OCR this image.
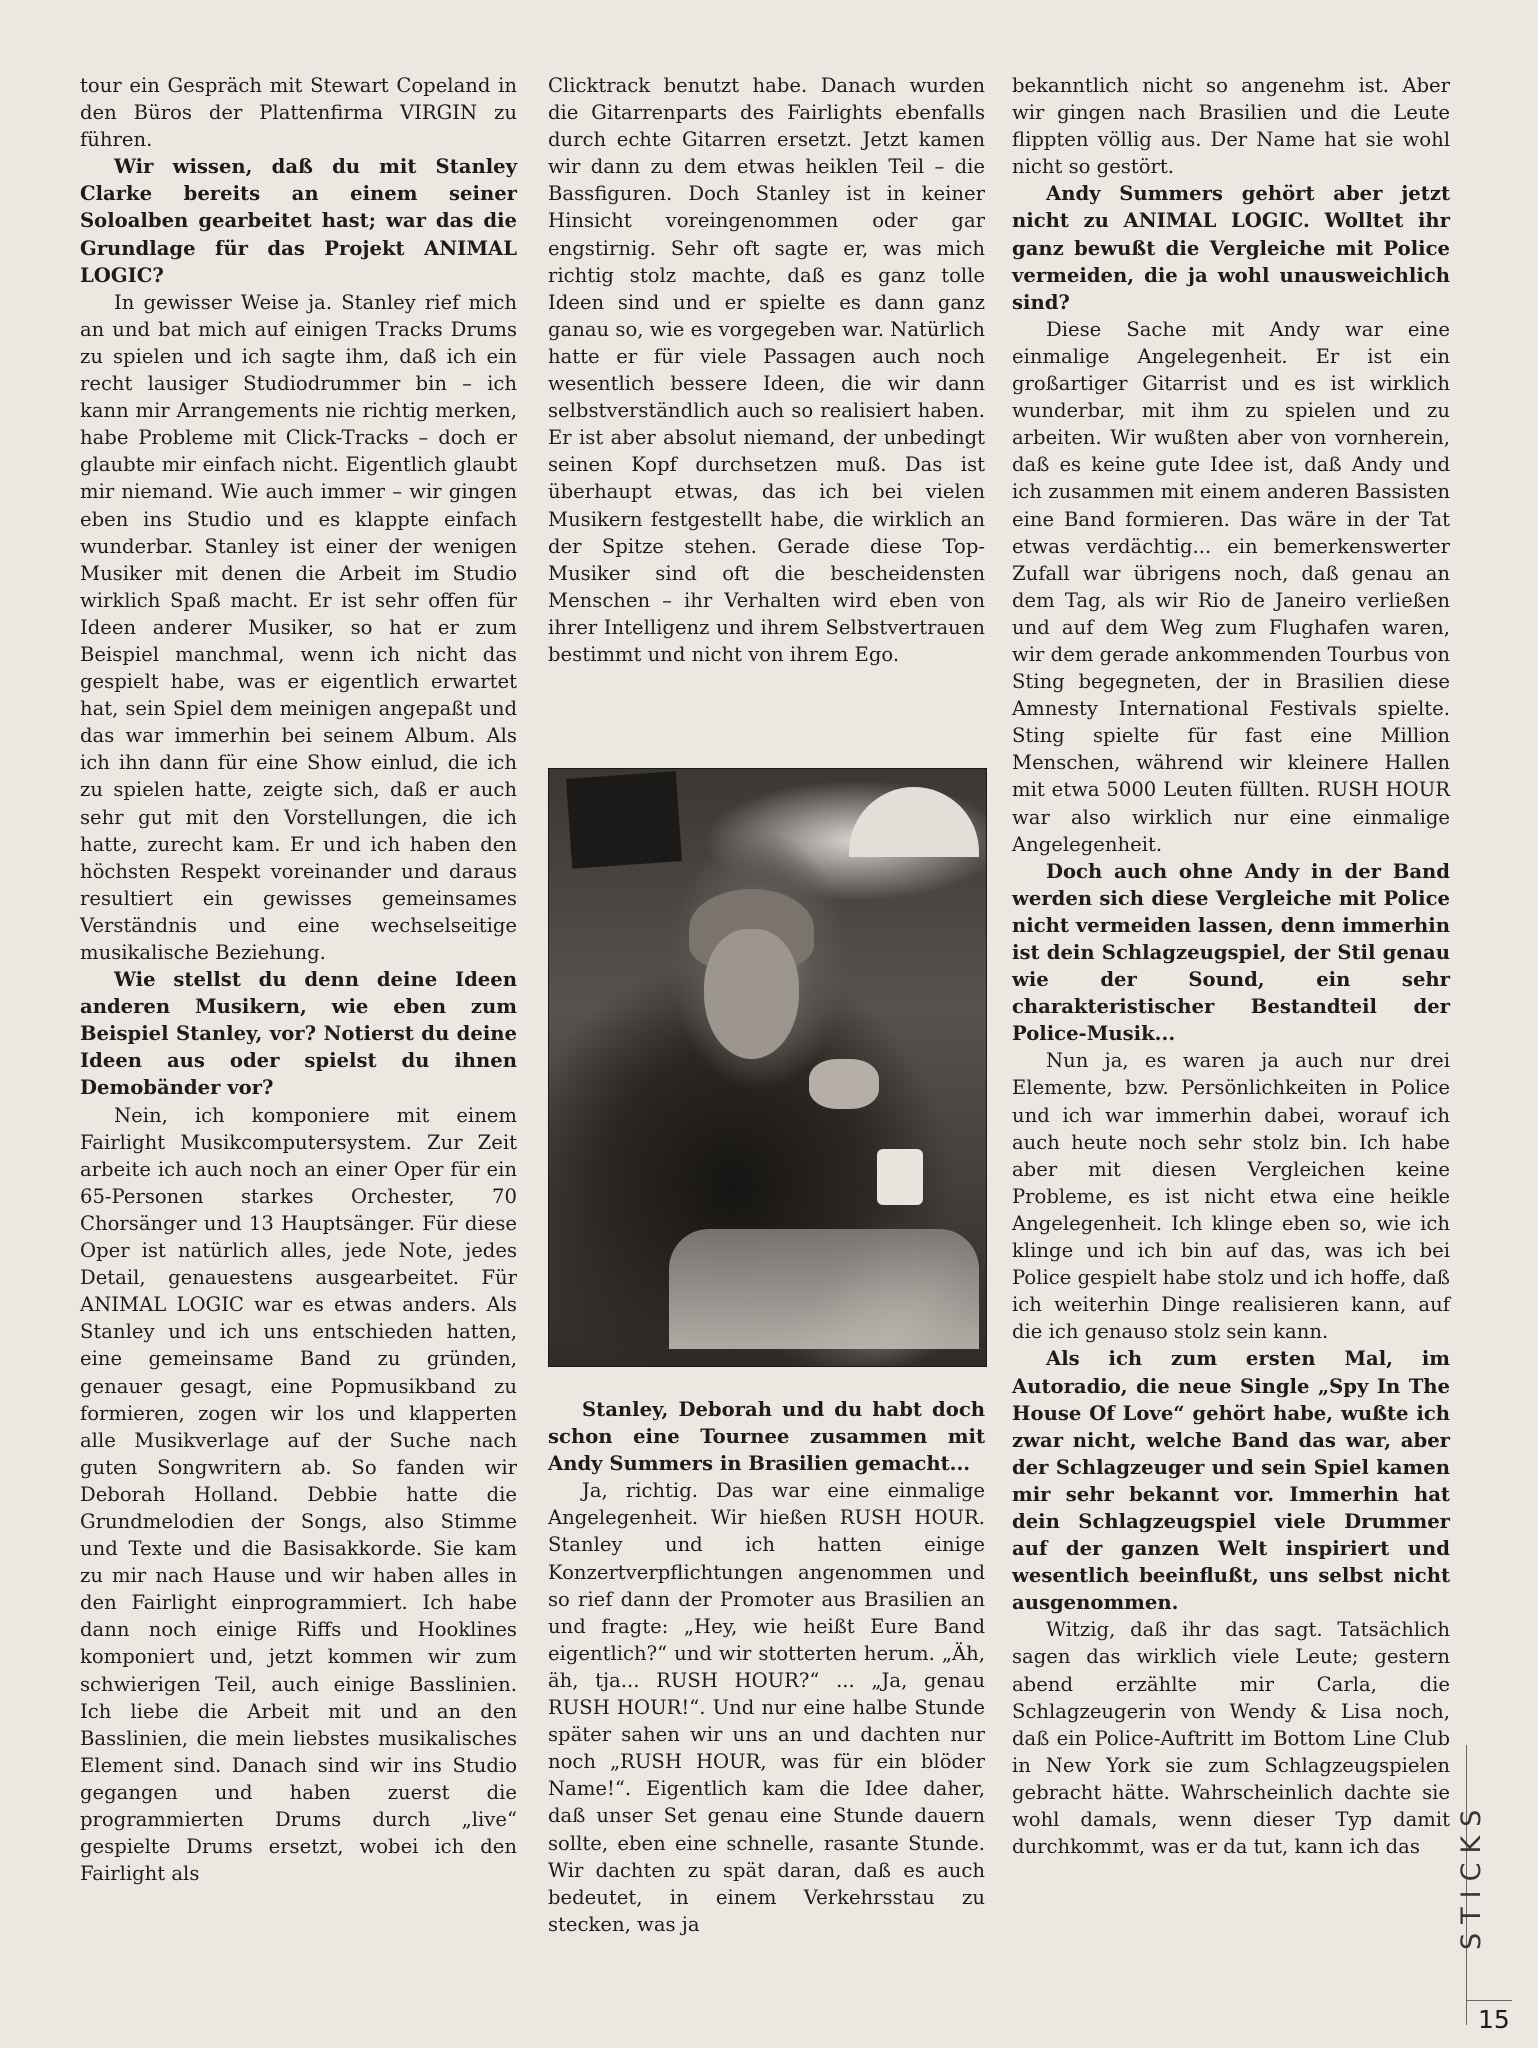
tour ein Gespräch mit Stewart Copeland in den Büros der Plattenfirma VIRGIN zu führen.

Wir wissen, daß du mit Stanley Clarke bereits an einem seiner Soloalben gearbeitet hast; war das die Grundlage für das Projekt ANIMAL LOGIC?

In gewisser Weise ja. Stanley rief mich an und bat mich auf einigen Tracks Drums zu spielen und ich sagte ihm, daß ich ein recht lausiger Studiodrummer bin – ich kann mir Arrangements nie richtig merken, habe Probleme mit Click-Tracks – doch er glaubte mir einfach nicht. Eigentlich glaubt mir niemand. Wie auch immer – wir gingen eben ins Studio und es klappte einfach wunderbar. Stanley ist einer der wenigen Musiker mit denen die Arbeit im Studio wirklich Spaß macht. Er ist sehr offen für Ideen anderer Musiker, so hat er zum Beispiel manchmal, wenn ich nicht das gespielt habe, was er eigentlich erwartet hat, sein Spiel dem meinigen angepaßt und das war immerhin bei seinem Album. Als ich ihn dann für eine Show einlud, die ich zu spielen hatte, zeigte sich, daß er auch sehr gut mit den Vorstellungen, die ich hatte, zurecht kam. Er und ich haben den höchsten Respekt voreinander und daraus resultiert ein gewisses gemeinsames Verständnis und eine wechselseitige musikalische Beziehung.

Wie stellst du denn deine Ideen anderen Musikern, wie eben zum Beispiel Stanley, vor? Notierst du deine Ideen aus oder spielst du ihnen Demobänder vor?

Nein, ich komponiere mit einem Fairlight Musikcomputersystem. Zur Zeit arbeite ich auch noch an einer Oper für ein 65-Personen starkes Orchester, 70 Chorsänger und 13 Hauptsänger. Für diese Oper ist natürlich alles, jede Note, jedes Detail, genauestens ausgearbeitet. Für ANIMAL LOGIC war es etwas anders. Als Stanley und ich uns entschieden hatten, eine gemeinsame Band zu gründen, genauer gesagt, eine Popmusikband zu formieren, zogen wir los und klapperten alle Musikverlage auf der Suche nach guten Songwritern ab. So fanden wir Deborah Holland. Debbie hatte die Grundmelodien der Songs, also Stimme und Texte und die Basisakkorde. Sie kam zu mir nach Hause und wir haben alles in den Fairlight einprogrammiert. Ich habe dann noch einige Riffs und Hooklines komponiert und, jetzt kommen wir zum schwierigen Teil, auch einige Basslinien. Ich liebe die Arbeit mit und an den Basslinien, die mein liebstes musikalisches Element sind. Danach sind wir ins Studio gegangen und haben zuerst die programmierten Drums durch „live“ gespielte Drums ersetzt, wobei ich den Fairlight als

Clicktrack benutzt habe. Danach wurden die Gitarrenparts des Fairlights ebenfalls durch echte Gitarren ersetzt. Jetzt kamen wir dann zu dem etwas heiklen Teil – die Bassfiguren. Doch Stanley ist in keiner Hinsicht voreingenommen oder gar engstirnig. Sehr oft sagte er, was mich richtig stolz machte, daß es ganz tolle Ideen sind und er spielte es dann ganz ganau so, wie es vorgegeben war. Natürlich hatte er für viele Passagen auch noch wesentlich bessere Ideen, die wir dann selbstverständlich auch so realisiert haben. Er ist aber absolut niemand, der unbedingt seinen Kopf durchsetzen muß. Das ist überhaupt etwas, das ich bei vielen Musikern festgestellt habe, die wirklich an der Spitze stehen. Gerade diese Top-Musiker sind oft die bescheidensten Menschen – ihr Verhalten wird eben von ihrer Intelligenz und ihrem Selbstvertrauen bestimmt und nicht von ihrem Ego.

Stanley, Deborah und du habt doch schon eine Tournee zusammen mit Andy Summers in Brasilien gemacht...

Ja, richtig. Das war eine einmalige Angelegenheit. Wir hießen RUSH HOUR. Stanley und ich hatten einige Konzertverpflichtungen angenommen und so rief dann der Promoter aus Brasilien an und fragte: „Hey, wie heißt Eure Band eigentlich?“ und wir stotterten herum. „Äh, äh, tja... RUSH HOUR?“ ... „Ja, genau RUSH HOUR!“. Und nur eine halbe Stunde später sahen wir uns an und dachten nur noch „RUSH HOUR, was für ein blöder Name!“. Eigentlich kam die Idee daher, daß unser Set genau eine Stunde dauern sollte, eben eine schnelle, rasante Stunde. Wir dachten zu spät daran, daß es auch bedeutet, in einem Verkehrsstau zu stecken, was ja

bekanntlich nicht so angenehm ist. Aber wir gingen nach Brasilien und die Leute flippten völlig aus. Der Name hat sie wohl nicht so gestört.

Andy Summers gehört aber jetzt nicht zu ANIMAL LOGIC. Wolltet ihr ganz bewußt die Vergleiche mit Police vermeiden, die ja wohl unausweichlich sind?

Diese Sache mit Andy war eine einmalige Angelegenheit. Er ist ein großartiger Gitarrist und es ist wirklich wunderbar, mit ihm zu spielen und zu arbeiten. Wir wußten aber von vornherein, daß es keine gute Idee ist, daß Andy und ich zusammen mit einem anderen Bassisten eine Band formieren. Das wäre in der Tat etwas verdächtig... ein bemerkenswerter Zufall war übrigens noch, daß genau an dem Tag, als wir Rio de Janeiro verließen und auf dem Weg zum Flughafen waren, wir dem gerade ankommenden Tourbus von Sting begegneten, der in Brasilien diese Amnesty International Festivals spielte. Sting spielte für fast eine Million Menschen, während wir kleinere Hallen mit etwa 5000 Leuten füllten. RUSH HOUR war also wirklich nur eine einmalige Angelegenheit.

Doch auch ohne Andy in der Band werden sich diese Vergleiche mit Police nicht vermeiden lassen, denn immerhin ist dein Schlagzeugspiel, der Stil genau wie der Sound, ein sehr charakteristischer Bestandteil der Police-Musik...

Nun ja, es waren ja auch nur drei Elemente, bzw. Persönlichkeiten in Police und ich war immerhin dabei, worauf ich auch heute noch sehr stolz bin. Ich habe aber mit diesen Vergleichen keine Probleme, es ist nicht etwa eine heikle Angelegenheit. Ich klinge eben so, wie ich klinge und ich bin auf das, was ich bei Police gespielt habe stolz und ich hoffe, daß ich weiterhin Dinge realisieren kann, auf die ich genauso stolz sein kann.

Als ich zum ersten Mal, im Autoradio, die neue Single „Spy In The House Of Love“ gehört habe, wußte ich zwar nicht, welche Band das war, aber der Schlagzeuger und sein Spiel kamen mir sehr bekannt vor. Immerhin hat dein Schlagzeugspiel viele Drummer auf der ganzen Welt inspiriert und wesentlich beeinflußt, uns selbst nicht ausgenommen.

Witzig, daß ihr das sagt. Tatsächlich sagen das wirklich viele Leute; gestern abend erzählte mir Carla, die Schlagzeugerin von Wendy & Lisa noch, daß ein Police-Auftritt im Bottom Line Club in New York sie zum Schlagzeugspielen gebracht hätte. Wahrscheinlich dachte sie wohl damals, wenn dieser Typ damit durchkommt, was er da tut, kann ich das	STICKS
15
